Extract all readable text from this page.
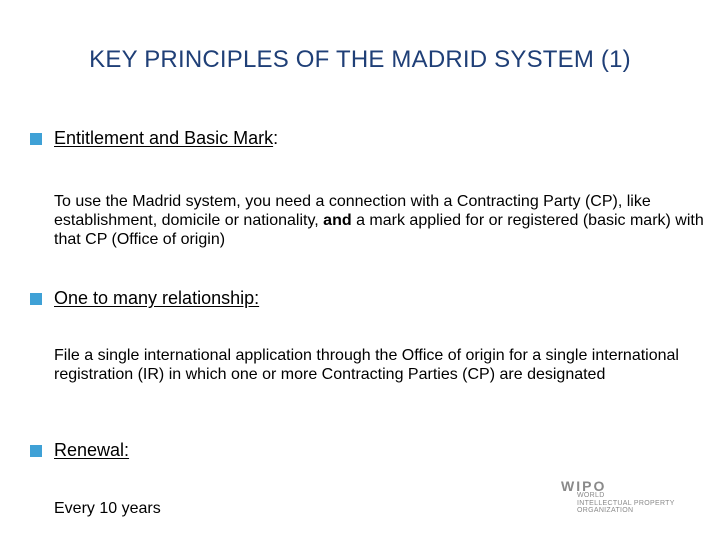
KEY PRINCIPLES OF THE MADRID SYSTEM (1)
Entitlement and Basic Mark :
To use the Madrid system, you need a connection with a Contracting Party (CP), like establishment, domicile or nationality, and a mark applied for or registered (basic mark) with that CP (Office of origin)
One to many relationship:
File a single international application through the Office of origin for a single international registration (IR) in which one or more Contracting Parties (CP) are designated
Renewal:
Every 10 years
WIPO
WORLD
INTELLECTUAL PROPERTY
ORGANIZATION
